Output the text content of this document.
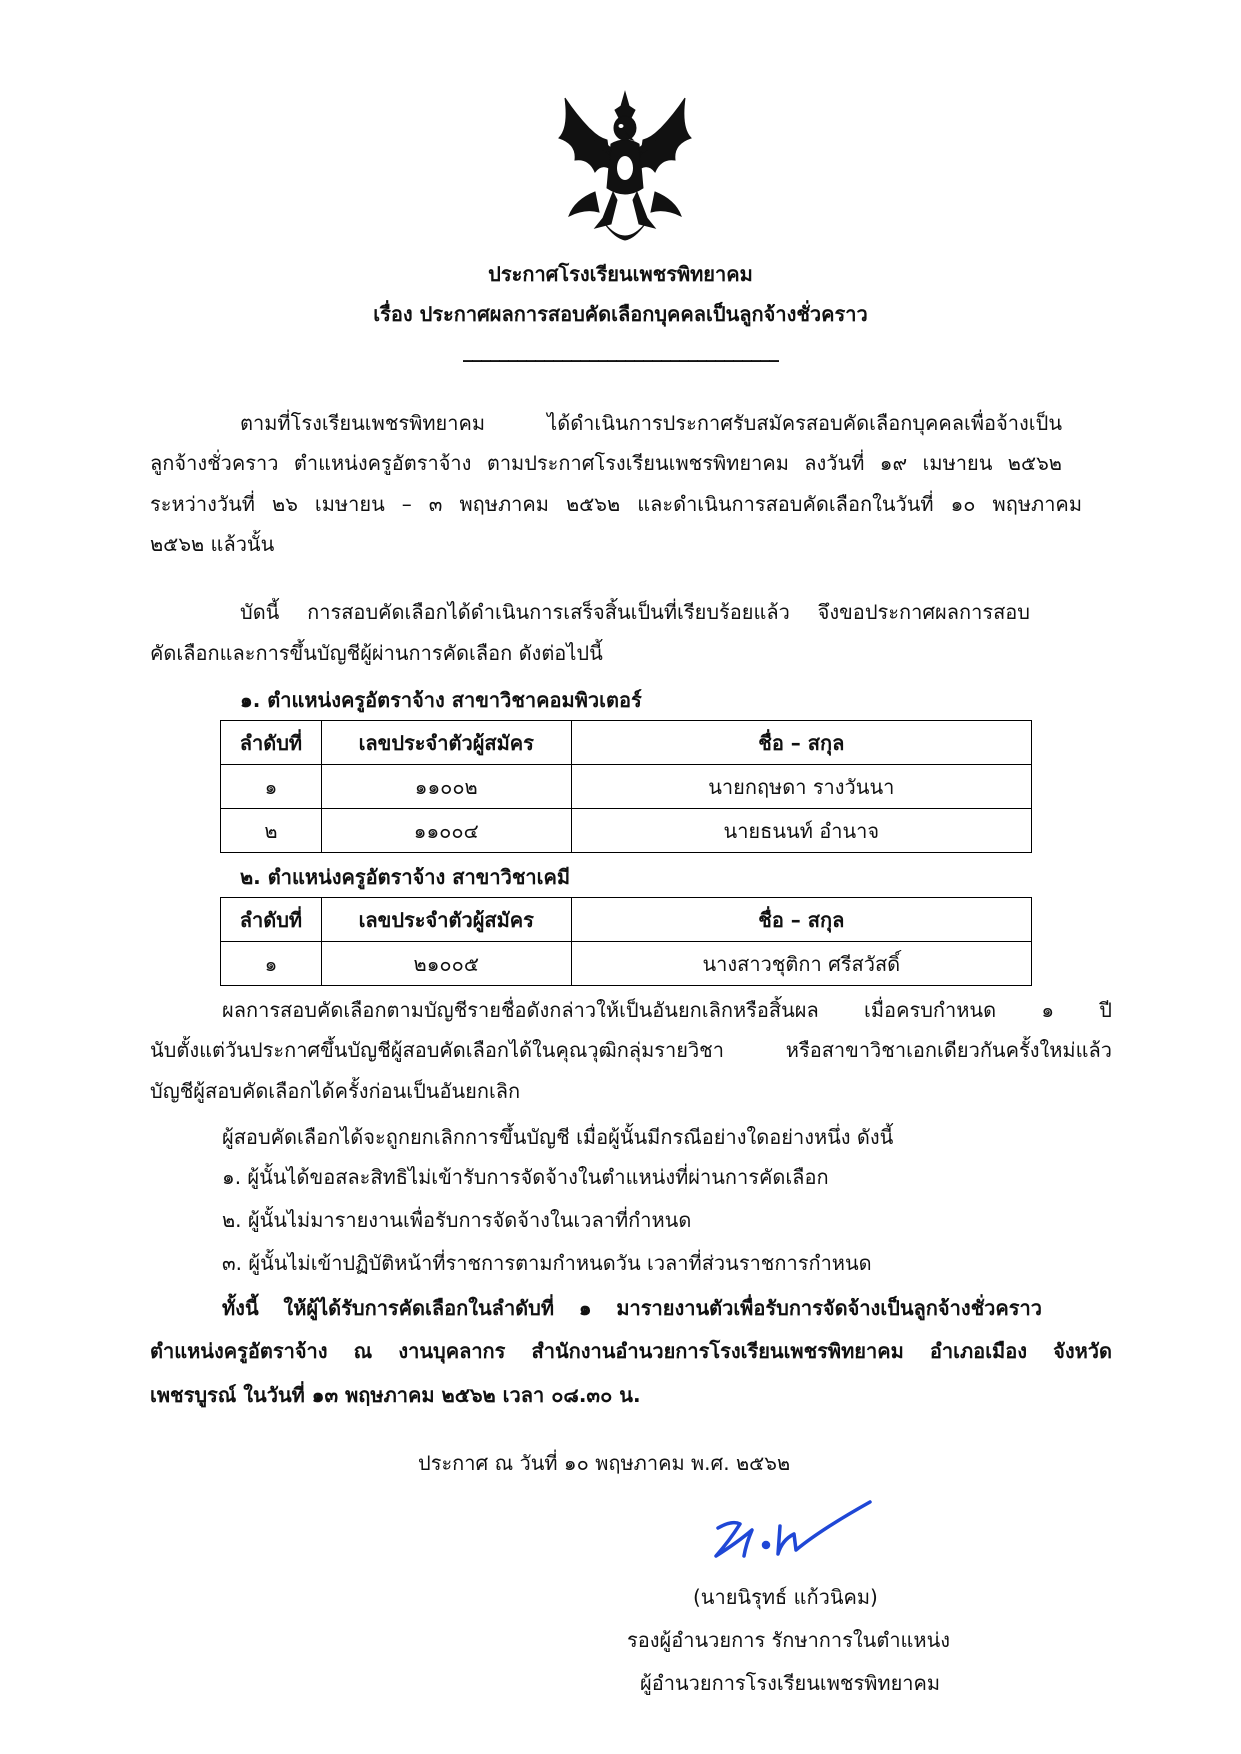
ประกาศโรงเรียนเพชรพิทยาคม
เรื่อง ประกาศผลการสอบคัดเลือกบุคคลเป็นลูกจ้างชั่วคราว
___________________________________
ตามที่โรงเรียนเพชรพิทยาคม ได้ดำเนินการประกาศรับสมัครสอบคัดเลือกบุคคลเพื่อจ้างเป็น
ลูกจ้างชั่วคราว ตำแหน่งครูอัตราจ้าง ตามประกาศโรงเรียนเพชรพิทยาคม ลงวันที่ ๑๙ เมษายน ๒๕๖๒
ระหว่างวันที่ ๒๖ เมษายน – ๓ พฤษภาคม ๒๕๖๒ และดำเนินการสอบคัดเลือกในวันที่ ๑๐ พฤษภาคม
๒๕๖๒ แล้วนั้น
บัดนี้ การสอบคัดเลือกได้ดำเนินการเสร็จสิ้นเป็นที่เรียบร้อยแล้ว จึงขอประกาศผลการสอบ
คัดเลือกและการขึ้นบัญชีผู้ผ่านการคัดเลือก ดังต่อไปนี้
๑. ตำแหน่งครูอัตราจ้าง สาขาวิชาคอมพิวเตอร์
ลำดับที่	เลขประจำตัวผู้สมัคร	ชื่อ – สกุล
๑	๑๑๐๐๒	นายกฤษดา รางวันนา
๒	๑๑๐๐๔	นายธนนท์ อำนาจ
๒. ตำแหน่งครูอัตราจ้าง สาขาวิชาเคมี
ลำดับที่	เลขประจำตัวผู้สมัคร	ชื่อ – สกุล
๑	๒๑๐๐๕	นางสาวชุติกา ศรีสวัสดิ์
ผลการสอบคัดเลือกตามบัญชีรายชื่อดังกล่าวให้เป็นอันยกเลิกหรือสิ้นผล เมื่อครบกำหนด ๑ ปี
นับตั้งแต่วันประกาศขึ้นบัญชีผู้สอบคัดเลือกได้ในคุณวุฒิกลุ่มรายวิชา หรือสาขาวิชาเอกเดียวกันครั้งใหม่แล้ว
บัญชีผู้สอบคัดเลือกได้ครั้งก่อนเป็นอันยกเลิก
ผู้สอบคัดเลือกได้จะถูกยกเลิกการขึ้นบัญชี เมื่อผู้นั้นมีกรณีอย่างใดอย่างหนึ่ง ดังนี้
๑. ผู้นั้นได้ขอสละสิทธิไม่เข้ารับการจัดจ้างในตำแหน่งที่ผ่านการคัดเลือก
๒. ผู้นั้นไม่มารายงานเพื่อรับการจัดจ้างในเวลาที่กำหนด
๓. ผู้นั้นไม่เข้าปฏิบัติหน้าที่ราชการตามกำหนดวัน เวลาที่ส่วนราชการกำหนด
ทั้งนี้ ให้ผู้ได้รับการคัดเลือกในลำดับที่ ๑ มารายงานตัวเพื่อรับการจัดจ้างเป็นลูกจ้างชั่วคราว
ตำแหน่งครูอัตราจ้าง ณ งานบุคลากร สำนักงานอำนวยการโรงเรียนเพชรพิทยาคม อำเภอเมือง จังหวัด
เพชรบูรณ์ ในวันที่ ๑๓ พฤษภาคม ๒๕๖๒ เวลา ๐๘.๓๐ น.
ประกาศ ณ วันที่ ๑๐ พฤษภาคม พ.ศ. ๒๕๖๒
(นายนิรุทธ์ แก้วนิคม)
รองผู้อำนวยการ รักษาการในตำแหน่ง
ผู้อำนวยการโรงเรียนเพชรพิทยาคม
